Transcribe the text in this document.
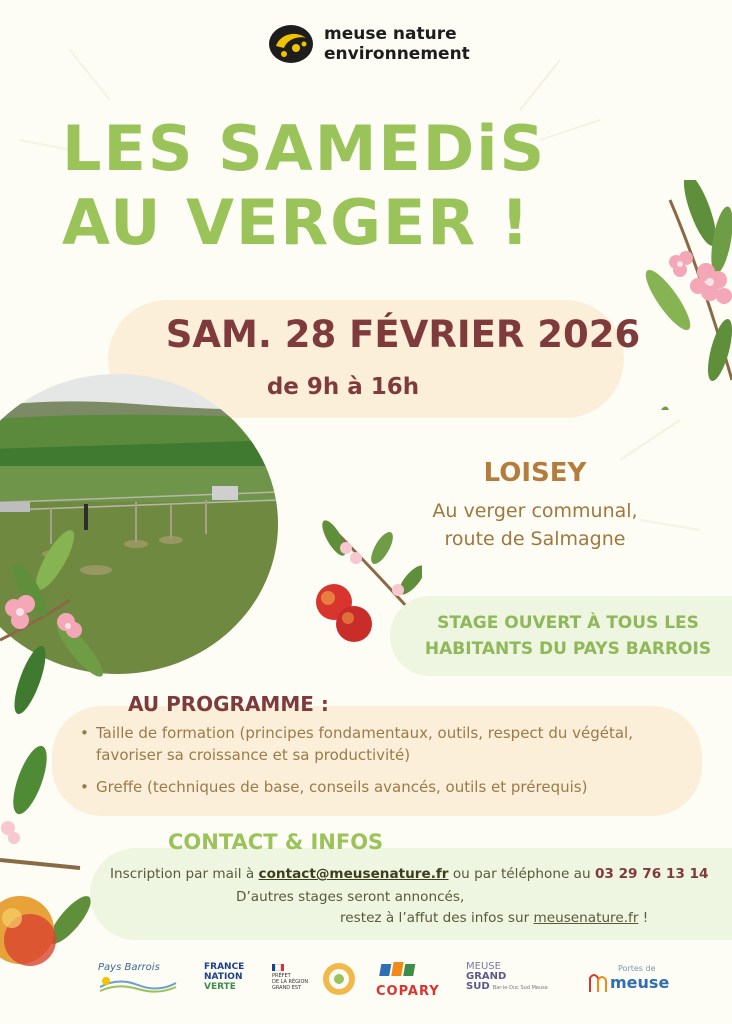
meuse nature
environnement
LES SAMEDiS
AU VERGER !
SAM. 28 FÉVRIER 2026
de 9h à 16h
LOISEY
Au verger communal,
route de Salmagne
STAGE OUVERT À TOUS LES
HABITANTS DU PAYS BARROIS
AU PROGRAMME :
• Taille de formation (principes fondamentaux, outils, respect du végétal, favoriser sa croissance et sa productivité)
• Greffe (techniques de base, conseils avancés, outils et prérequis)
CONTACT & INFOS
Inscription par mail à contact@meusenature.fr ou par téléphone au 03 29 76 13 14
D’autres stages seront annoncés,
restez à l’affut des infos sur meusenature.fr !
Pays Barrois	FRANCE
NATION
VERTE
PRÉFET
DE LA RÉGION
GRAND EST	COPARY
MEUSE
GRAND
SUD Bar-le-Duc Sud Meuse
Portes de
meuse
